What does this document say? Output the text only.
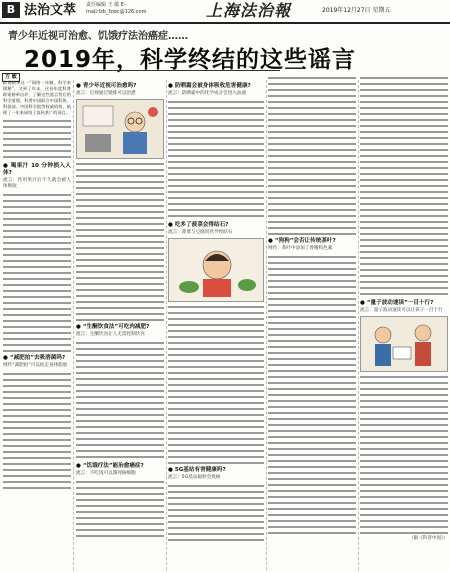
B 法治文萃 责任编辑 王 敏 E-mail:fzb_fzwc@126.com	上海法治報	2019年12月27日 星期五
青少年近视可治愈、饥饿疗法治癌症……
2019年，科学终结的这些谣言
方 敏

辟谣榜单这一“网络一年帧，科学来揭秘”，又到了年末，这份年度科普辟谣榜单出炉，了解这些流言背后的科学道理。科普中国联合中国科协、科技部、中国科学院等权威机构，梳理了一年来网络上流传甚广的谣言。

● 喝果汁 10 分钟损入人体?
流言：饮用果汁后不久就会被人体吸收
● “减肥拍”去吸溶菌吗?
网传“减肥拍”可以拍走身体脂肪
● 青少年近视可治愈吗?
流言：近视通过锻炼可以治愈
● “生酮饮食法”可吃肉减肥?
流言：生酮饮食让人无需控制饮食
● “饥饿疗法”能治愈癌症?
流言：不吃饭可以饿死癌细胞
● 防晒霜会被身体吸收危害健康?
流言：防晒霜中的化学成分会进入血液
● 吃多了菠菜会得结石?
流言：菠菜与豆腐同食导致结石
● 5G基站有害健康吗?
流言：5G基站辐射会致癌
● “狗狗”会否让传统茶叶?
网传：茶叶中添加了香精和色素
● “量子波动速读”一目十行?
流言：量子波动速读可以让孩子一目十行
（据《科普中国》）
